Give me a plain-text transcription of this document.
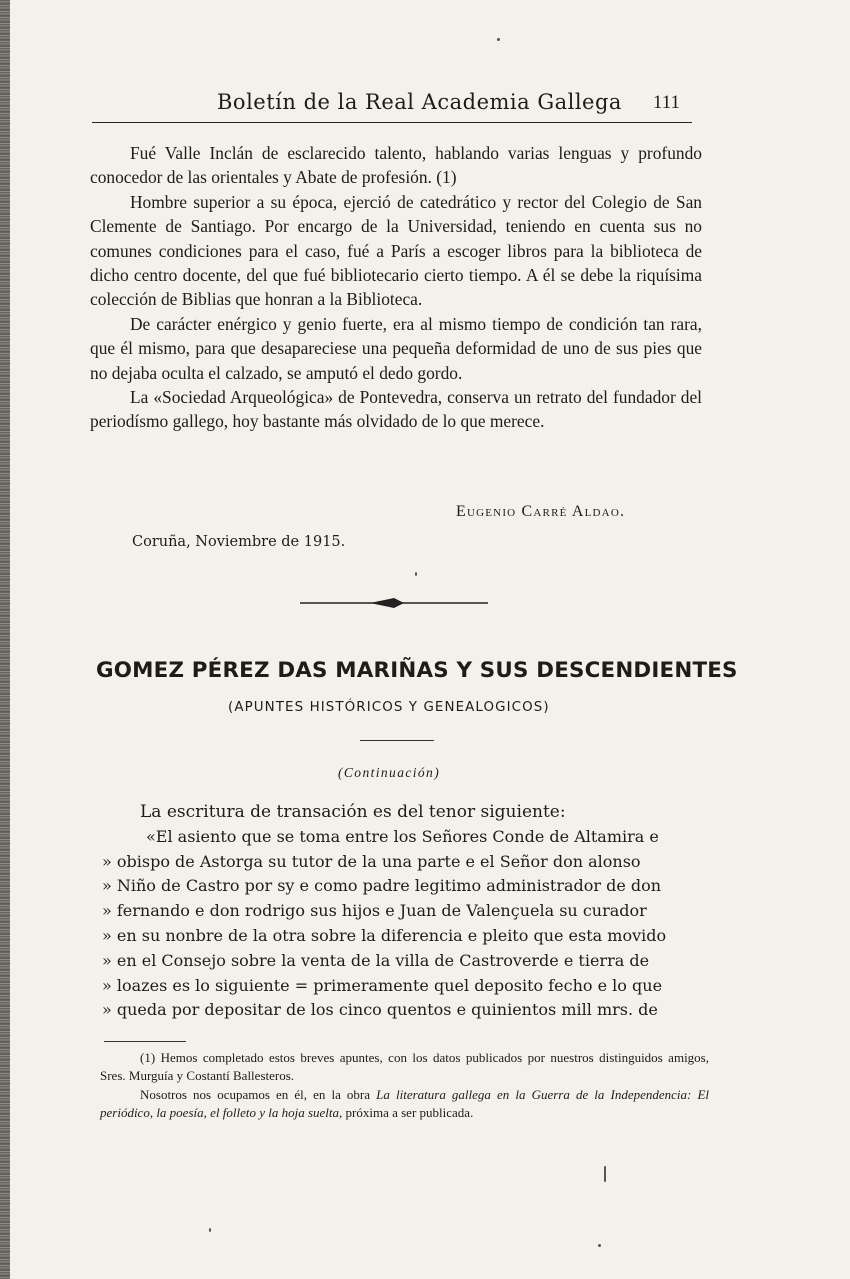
Boletín de la Real Academia Gallega 111

Fué Valle Inclán de esclarecido talento, hablando varias lenguas y profundo conocedor de las orientales y Abate de profesión. (1)

Hombre superior a su época, ejerció de catedrático y rector del Colegio de San Clemente de Santiago. Por encargo de la Universidad, teniendo en cuenta sus no comunes condiciones para el caso, fué a París a escoger libros para la biblioteca de dicho centro docente, del que fué bibliotecario cierto tiempo. A él se debe la riquísima colección de Biblias que honran a la Biblioteca.

De carácter enérgico y genio fuerte, era al mismo tiempo de condición tan rara, que él mismo, para que desapareciese una pequeña deformidad de uno de sus pies que no dejaba oculta el calzado, se amputó el dedo gordo.

La «Sociedad Arqueológica» de Pontevedra, conserva un retrato del fundador del periodísmo gallego, hoy bastante más olvidado de lo que merece.

Eugenio Carré Aldao.
Coruña, Noviembre de 1915.
GOMEZ PÉREZ DAS MARIÑAS Y SUS DESCENDIENTES
(APUNTES HISTÓRICOS Y GENEALOGICOS)
(Continuación)

La escritura de transación es del tenor siguiente:

«El asiento que se toma entre los Señores Conde de Altamira e

» obispo de Astorga su tutor de la una parte e el Señor don alonso

» Niño de Castro por sy e como padre legitimo administrador de don

» fernando e don rodrigo sus hijos e Juan de Valençuela su curador

» en su nonbre de la otra sobre la diferencia e pleito que esta movido

» en el Consejo sobre la venta de la villa de Castroverde e tierra de

» loazes es lo siguiente = primeramente quel deposito fecho e lo que

» queda por depositar de los cinco quentos e quinientos mill mrs. de

(1) Hemos completado estos breves apuntes, con los datos publicados por nuestros distinguidos amigos, Sres. Murguía y Costantí Ballesteros.

Nosotros nos ocupamos en él, en la obra La literatura gallega en la Guerra de la Independencia: El periódico, la poesía, el folleto y la hoja suelta, próxima a ser publicada.
